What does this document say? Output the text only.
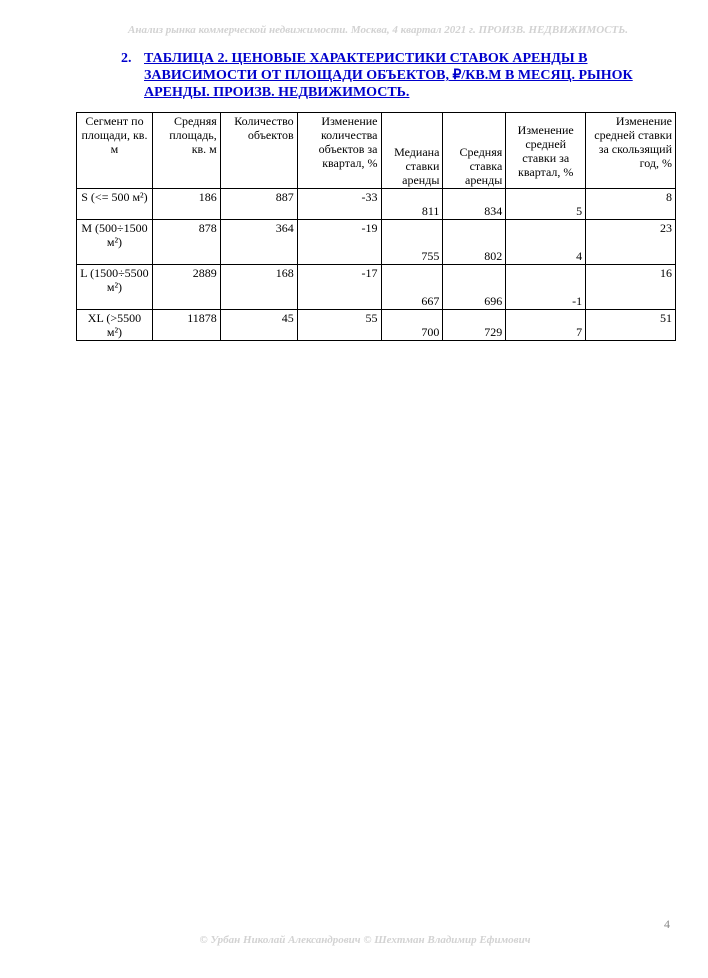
Анализ рынка коммерческой недвижимости. Москва, 4 квартал 2021 г. ПРОИЗВ. НЕДВИЖИМОСТЬ.
2. ТАБЛИЦА 2. ЦЕНОВЫЕ ХАРАКТЕРИСТИКИ СТАВОК АРЕНДЫ В ЗАВИСИМОСТИ ОТ ПЛОЩАДИ ОБЪЕКТОВ, ₽/КВ.М В МЕСЯЦ. РЫНОК АРЕНДЫ. ПРОИЗВ. НЕДВИЖИМОСТЬ.
Сегмент по площади, кв. м	Средняя площадь, кв. м	Количество объектов	Изменение количества объектов за квартал, %	Медиана ставки аренды	Средняя ставка аренды	Изменение средней ставки за квартал, %	Изменение средней ставки за скользящий год, %
S (<= 500 м²)	186	887	-33	811	834	5	8
M (500÷1500 м²)	878	364	-19	755	802	4	23
L (1500÷5500 м²)	2889	168	-17	667	696	-1	16
XL (>5500 м²)	11878	45	55	700	729	7	51
4
© Урбан Николай Александрович © Шехтман Владимир Ефимович
